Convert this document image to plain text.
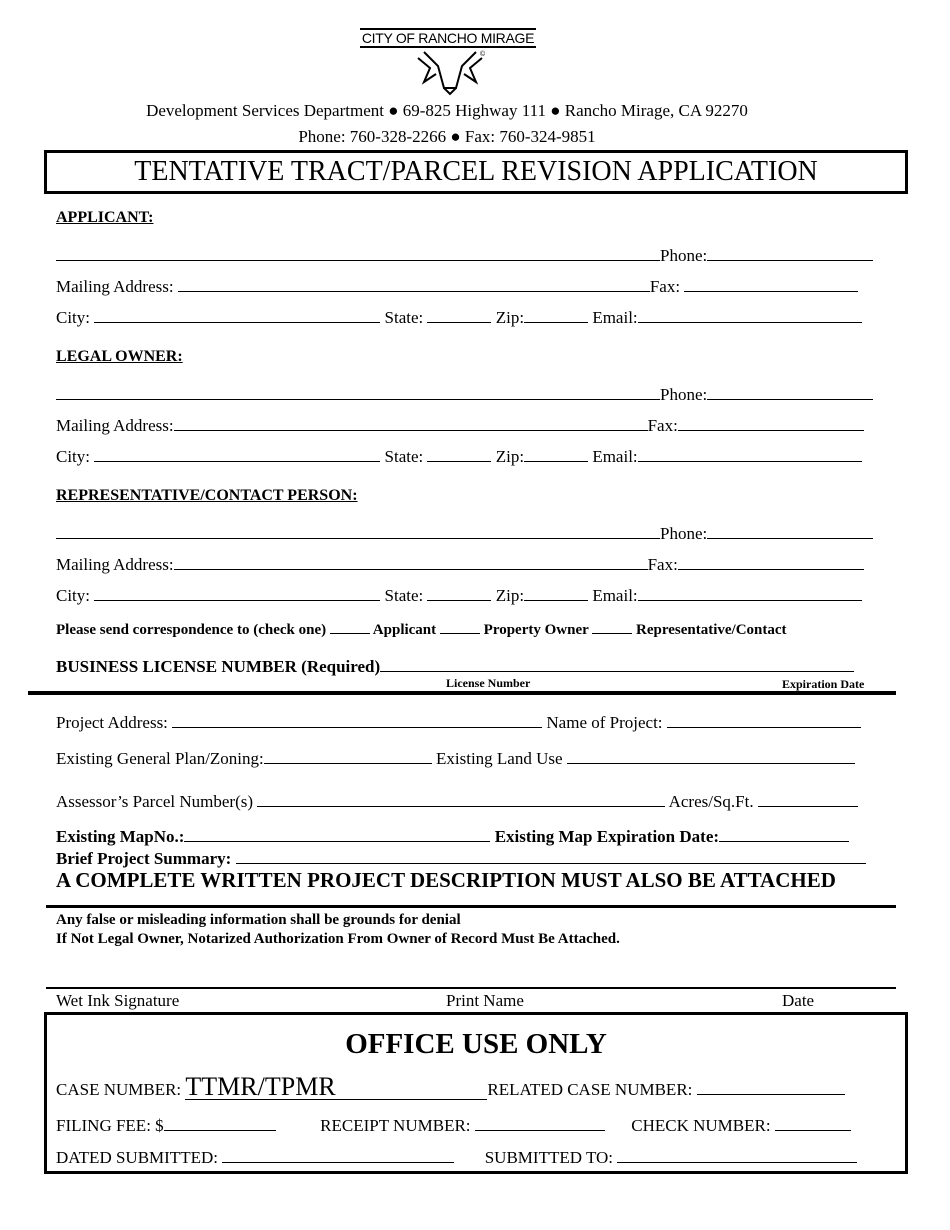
CITY OF RANCHO MIRAGE
©
Development Services Department ● 69-825 Highway 111 ● Rancho Mirage, CA 92270
Phone: 760-328-2266 ● Fax: 760-324-9851
TENTATIVE TRACT/PARCEL REVISION APPLICATION
APPLICANT:
Phone:
Mailing Address:	Fax:
City:	State:	Zip:	Email:
LEGAL OWNER:
Phone:
Mailing Address:	Fax:
City:	State:	Zip:	Email:
REPRESENTATIVE/CONTACT PERSON:
Phone:
Mailing Address:	Fax:
City:	State:	Zip:	Email:
Please send correspondence to (check one)	Applicant	Property Owner	Representative/Contact
BUSINESS LICENSE NUMBER (Required)
License Number	Expiration Date
Project Address:	Name of Project:
Existing General Plan/Zoning:	Existing Land Use
Assessor’s Parcel Number(s)	Acres/Sq.Ft.
Existing MapNo.:	Existing Map Expiration Date:
Brief Project Summary:
A COMPLETE WRITTEN PROJECT DESCRIPTION MUST ALSO BE ATTACHED
Any false or misleading information shall be grounds for denial
If Not Legal Owner, Notarized Authorization From Owner of Record Must Be Attached.
Wet Ink Signature	Print Name	Date
OFFICE USE ONLY
CASE NUMBER: TTMR/TPMR	RELATED CASE NUMBER:
FILING FEE: $	RECEIPT NUMBER:	CHECK NUMBER:
DATED SUBMITTED:	SUBMITTED TO:
